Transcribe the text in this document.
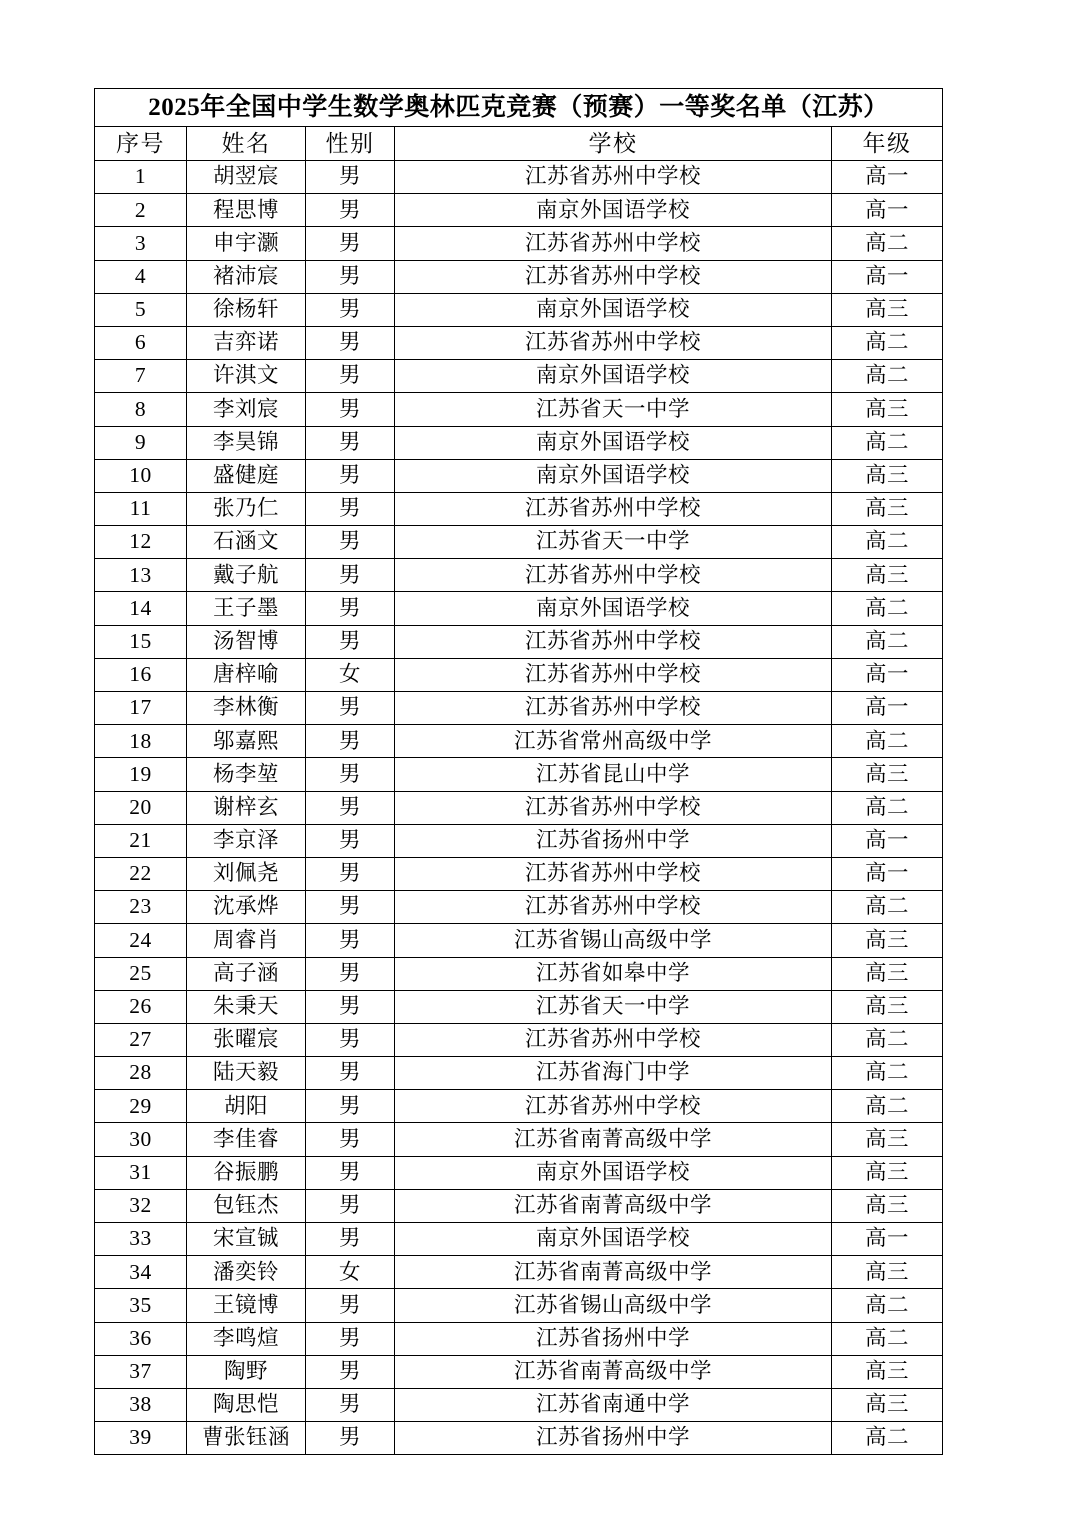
2025年全国中学生数学奥林匹克竞赛（预赛）一等奖名单（江苏）				
序号	姓名	性别	学校	年级
1	胡翌宸	男	江苏省苏州中学校	高一
2	程思博	男	南京外国语学校	高一
3	申宇灏	男	江苏省苏州中学校	高二
4	褚沛宸	男	江苏省苏州中学校	高一
5	徐杨轩	男	南京外国语学校	高三
6	吉弈诺	男	江苏省苏州中学校	高二
7	许淇文	男	南京外国语学校	高二
8	李刘宸	男	江苏省天一中学	高三
9	李昊锦	男	南京外国语学校	高二
10	盛健庭	男	南京外国语学校	高三
11	张乃仁	男	江苏省苏州中学校	高三
12	石涵文	男	江苏省天一中学	高二
13	戴子航	男	江苏省苏州中学校	高三
14	王子墨	男	南京外国语学校	高二
15	汤智博	男	江苏省苏州中学校	高二
16	唐梓喻	女	江苏省苏州中学校	高一
17	李林衡	男	江苏省苏州中学校	高一
18	邬嘉熙	男	江苏省常州高级中学	高二
19	杨李堃	男	江苏省昆山中学	高三
20	谢梓玄	男	江苏省苏州中学校	高二
21	李京泽	男	江苏省扬州中学	高一
22	刘佩尧	男	江苏省苏州中学校	高一
23	沈承烨	男	江苏省苏州中学校	高二
24	周睿肖	男	江苏省锡山高级中学	高三
25	高子涵	男	江苏省如皋中学	高三
26	朱秉天	男	江苏省天一中学	高三
27	张曜宸	男	江苏省苏州中学校	高二
28	陆天毅	男	江苏省海门中学	高二
29	胡阳	男	江苏省苏州中学校	高二
30	李佳睿	男	江苏省南菁高级中学	高三
31	谷振鹏	男	南京外国语学校	高三
32	包钰杰	男	江苏省南菁高级中学	高三
33	宋宣铖	男	南京外国语学校	高一
34	潘奕铃	女	江苏省南菁高级中学	高三
35	王镜博	男	江苏省锡山高级中学	高二
36	李鸣煊	男	江苏省扬州中学	高二
37	陶野	男	江苏省南菁高级中学	高三
38	陶思恺	男	江苏省南通中学	高三
39	曹张钰涵	男	江苏省扬州中学	高二
